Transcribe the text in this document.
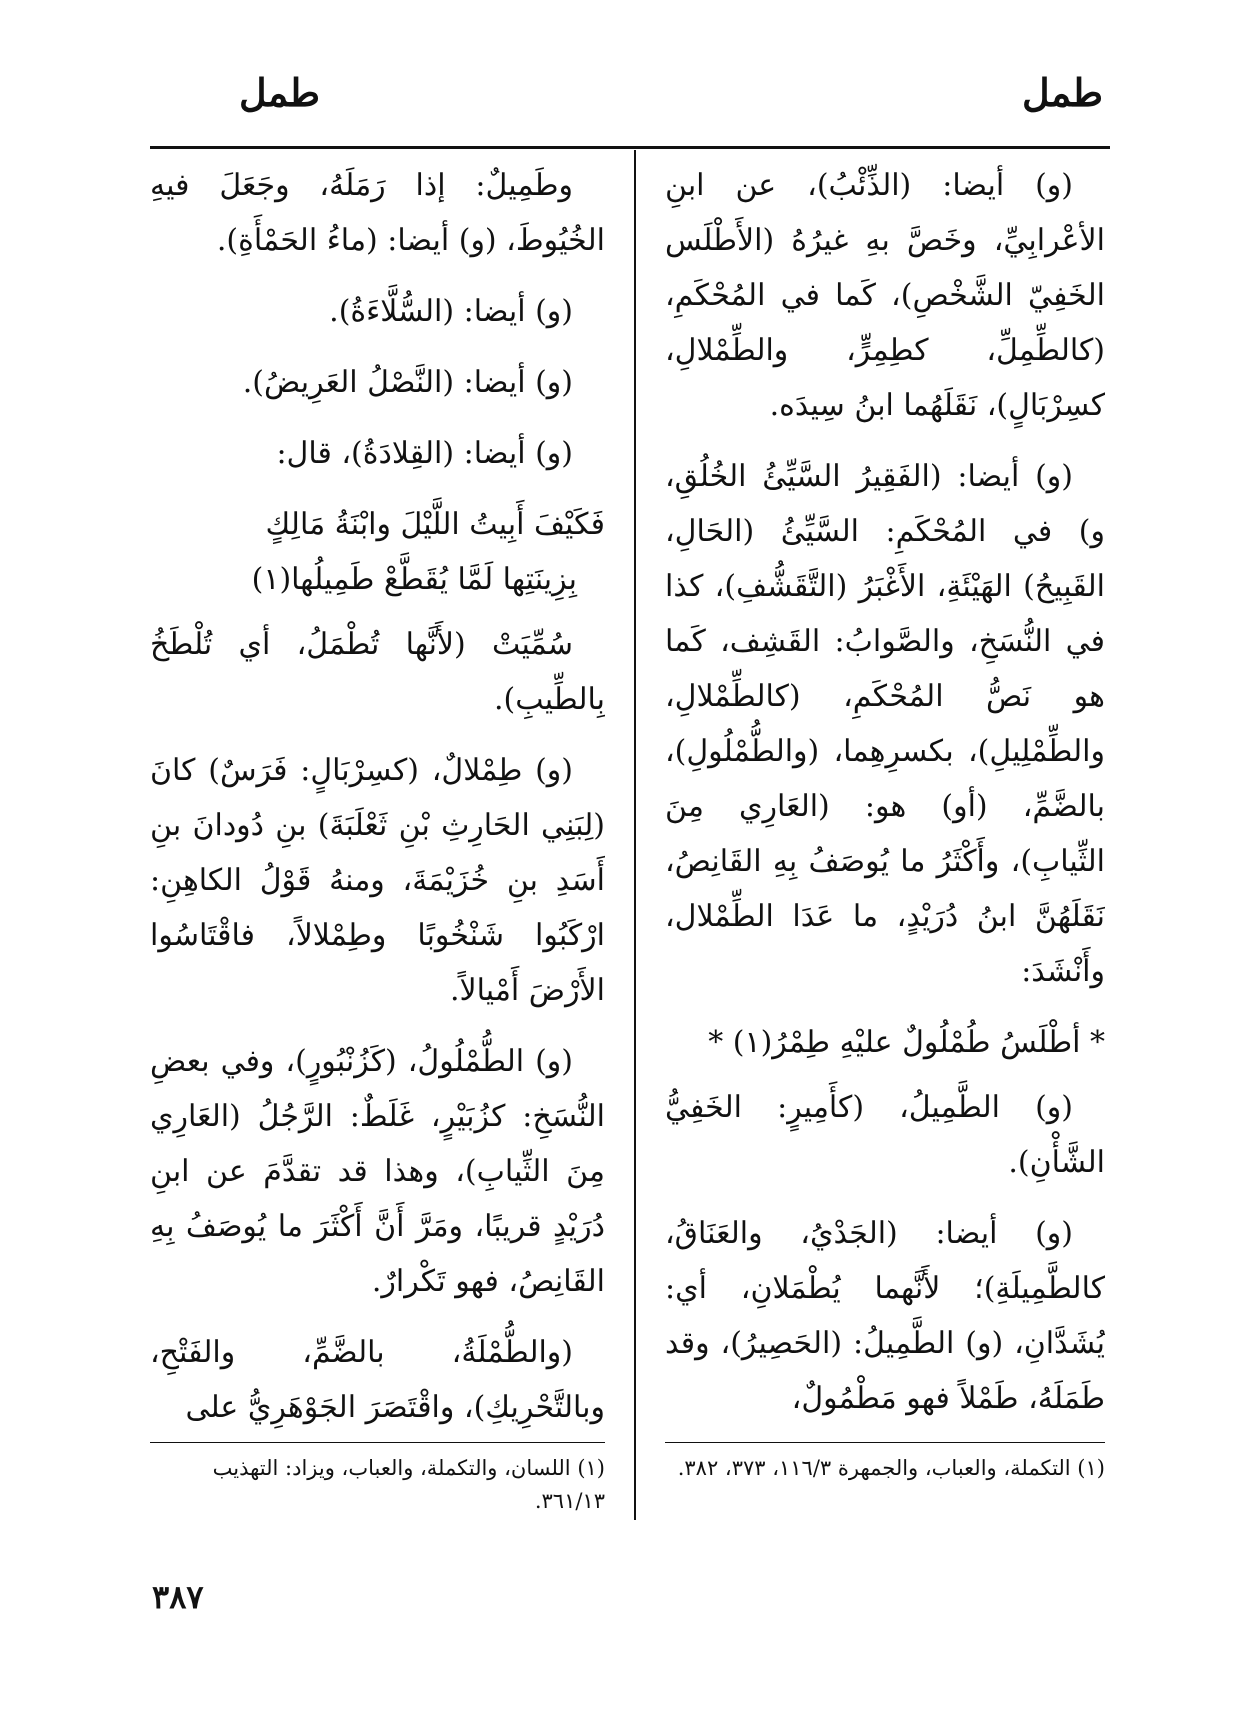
طمل
طمل

(و) أيضا: (الذِّئْبُ)، عن ابنِ الأعْرابِيِّ، وخَصَّ بهِ غيرُهُ (الأَطْلَس الخَفِيّ الشَّخْصِ)، كَما في المُحْكَمِ، (كالطِّمِلِّ، كطِمِرٍّ، والطِّمْلالِ، كسِرْبَالٍ)، نَقَلَهُما ابنُ سِيدَه.

(و) أيضا: (الفَقِيرُ السَّيِّئُ الخُلُقِ، و) في المُحْكَمِ: السَّيِّئُ (الحَالِ، القَبِيحُ) الهَيْئَةِ، الأَغْبَرُ (التَّقَشُّفِ)، كذا في النُّسَخِ، والصَّوابُ: القَشِف، كَما هو نَصُّ المُحْكَمِ، (كالطِّمْلالِ، والطِّمْلِيلِ)، بكسرِهِما، (والطُّمْلُولِ)، بالضَّمِّ، (أو) هو: (العَارِي مِنَ الثِّيابِ)، وأَكْثَرُ ما يُوصَفُ بِهِ القَانِصُ، نَقَلَهُنَّ ابنُ دُرَيْدٍ، ما عَدَا الطِّمْلال، وأَنْشَدَ:

* أطْلَسُ طُمْلُولٌ عليْهِ طِمْرُ(١) *

(و) الطَّمِيلُ، (كأَمِيرٍ: الخَفِيُّ الشَّأْنِ).

(و) أيضا: (الجَدْيُ، والعَنَاقُ، كالطَّمِيلَةِ)؛ لأَنَّهما يُطْمَلانِ، أي: يُشَدَّانِ، (و) الطَّمِيلُ: (الحَصِيرُ)، وقد طَمَلَهُ، طَمْلاً فهو مَطْمُولٌ،

وطَمِيلٌ: إذا رَمَلَهُ، وجَعَلَ فيهِ الخُيُوطَ، (و) أيضا: (ماءُ الحَمْأَةِ).

(و) أيضا: (السُّلَّاءَةُ).

(و) أيضا: (النَّصْلُ العَرِيضُ).

(و) أيضا: (القِلادَةُ)، قال:

فَكَيْفَ أَبِيتُ اللَّيْلَ وابْنَةُ مَالِكٍ
بِزِينَتِها لَمَّا يُقَطَّعْ طَمِيلُها(١)

سُمِّيَتْ (لأَنَّها تُطْمَلُ، أي تُلْطَخُ بِالطِّيبِ).

(و) طِمْلالٌ، (كسِرْبَالٍ: فَرَسٌ) كانَ (لِبَنِي الحَارِثِ بْنِ ثَعْلَبَةَ) بنِ دُودانَ بنِ أَسَدِ بنِ خُزَيْمَةَ، ومنهُ قَوْلُ الكاهِنِ: ارْكَبُوا شَنْخُوبًا وطِمْلالاً، فاقْتَاسُوا الأَرْضَ أَمْيالاً.

(و) الطُّمْلُولُ، (كَزُنْبُورٍ)، وفي بعضِ النُّسَخِ: كزُبَيْرٍ، غَلَطٌ: الرَّجُلُ (العَارِي مِنَ الثِّيابِ)، وهذا قد تقدَّمَ عن ابنِ دُرَيْدٍ قريبًا، ومَرَّ أَنَّ أَكْثَرَ ما يُوصَفُ بِهِ القَانِصُ، فهو تَكْرارٌ.

(والطُّمْلَةُ، بالضَّمِّ، والفَتْحِ، وبالتَّحْرِيكِ)، واقْتَصَرَ الجَوْهَرِيُّ على

(١) التكملة، والعباب، والجمهرة ١١٦/٣، ٣٧٣، ٣٨٢.
(١) اللسان، والتكملة، والعباب، ويزاد: التهذيب ٣٦١/١٣.
٣٨٧
